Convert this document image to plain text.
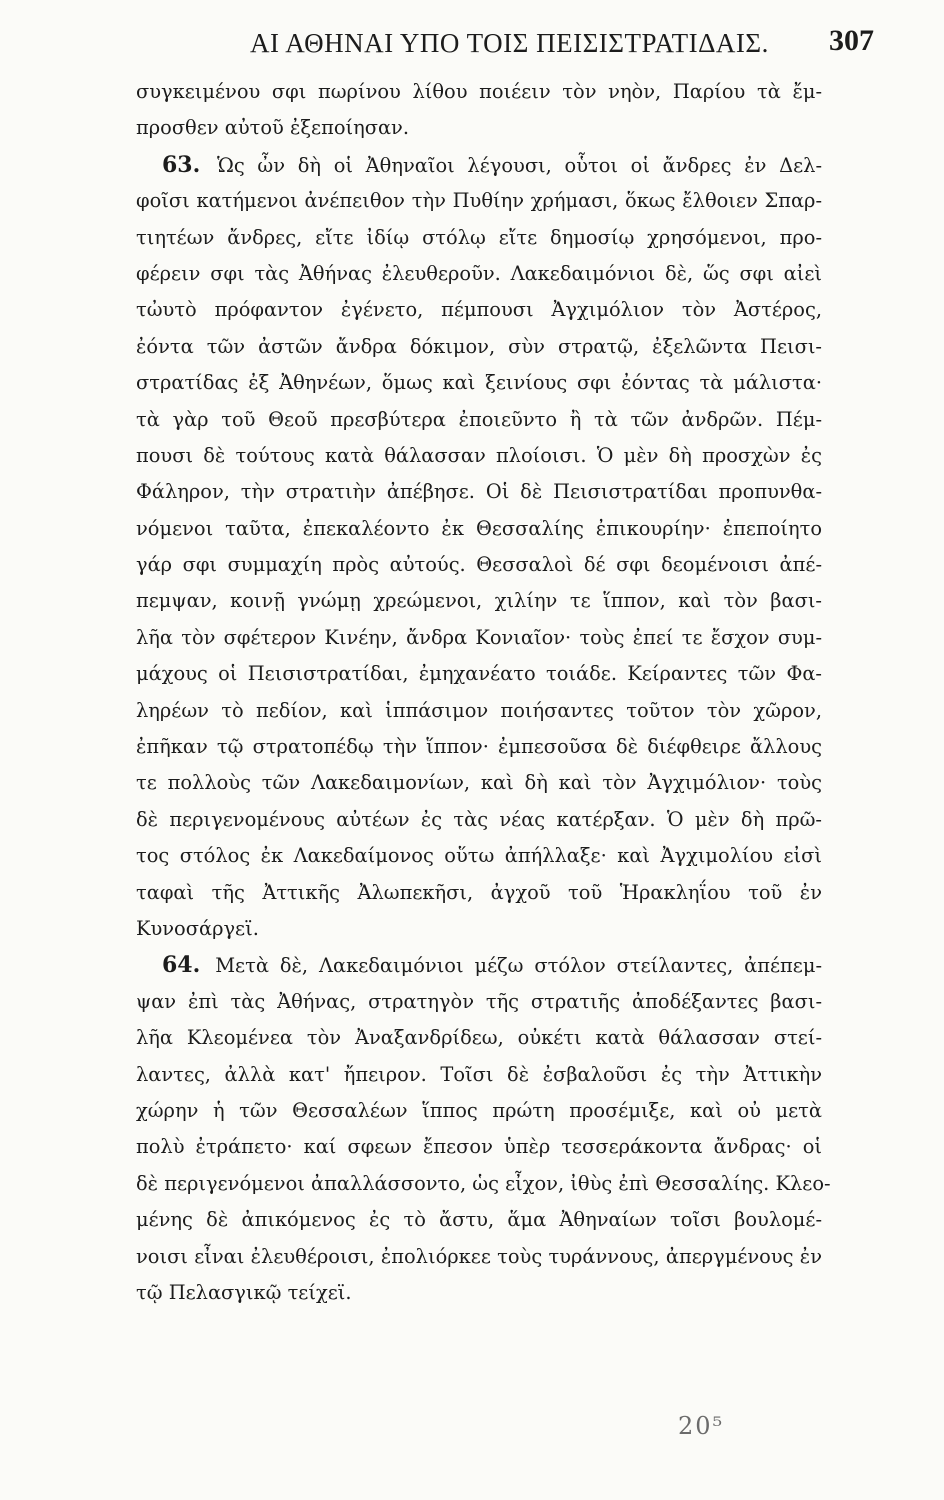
ΑΙ ΑΘΗΝΑΙ ΥΠΟ ΤΟΙΣ ΠΕΙΣΙΣΤΡΑΤΙΔΑΙΣ. 307
συγκειμένου σφι πωρίνου λίθου ποιέειν τὸν νηὸν, Παρίου τὰ ἔμ-
προσθεν αὐτοῦ ἐξεποίησαν.
63. Ὡς ὦν δὴ οἱ Ἀθηναῖοι λέγουσι, οὗτοι οἱ ἄνδρες ἐν Δελ-
φοῖσι κατήμενοι ἀνέπειθον τὴν Πυθίην χρήμασι, ὅκως ἔλθοιεν Σπαρ-
τιητέων ἄνδρες, εἴτε ἰδίῳ στόλῳ εἴτε δημοσίῳ χρησόμενοι, προ-
φέρειν σφι τὰς Ἀθήνας ἐλευθεροῦν. Λακεδαιμόνιοι δὲ, ὥς σφι αἰεὶ
τὠυτὸ πρόφαντον ἐγένετο, πέμπουσι Ἀγχιμόλιον τὸν Ἀστέρος,
ἐόντα τῶν ἀστῶν ἄνδρα δόκιμον, σὺν στρατῷ, ἐξελῶντα Πεισι-
στρατίδας ἐξ Ἀθηνέων, ὅμως καὶ ξεινίους σφι ἐόντας τὰ μάλιστα·
τὰ γὰρ τοῦ Θεοῦ πρεσβύτερα ἐποιεῦντο ἢ τὰ τῶν ἀνδρῶν. Πέμ-
πουσι δὲ τούτους κατὰ θάλασσαν πλοίοισι. Ὁ μὲν δὴ προσχὼν ἐς
Φάληρον, τὴν στρατιὴν ἀπέβησε. Οἱ δὲ Πεισιστρατίδαι προπυνθα-
νόμενοι ταῦτα, ἐπεκαλέοντο ἐκ Θεσσαλίης ἐπικουρίην· ἐπεποίητο
γάρ σφι συμμαχίη πρὸς αὐτούς. Θεσσαλοὶ δέ σφι δεομένοισι ἀπέ-
πεμψαν, κοινῇ γνώμῃ χρεώμενοι, χιλίην τε ἵππον, καὶ τὸν βασι-
λῆα τὸν σφέτερον Κινέην, ἄνδρα Κονιαῖον· τοὺς ἐπεί τε ἔσχον συμ-
μάχους οἱ Πεισιστρατίδαι, ἐμηχανέατο τοιάδε. Κείραντες τῶν Φα-
ληρέων τὸ πεδίον, καὶ ἱππάσιμον ποιήσαντες τοῦτον τὸν χῶρον,
ἐπῆκαν τῷ στρατοπέδῳ τὴν ἵππον· ἐμπεσοῦσα δὲ διέφθειρε ἄλλους
τε πολλοὺς τῶν Λακεδαιμονίων, καὶ δὴ καὶ τὸν Ἀγχιμόλιον· τοὺς
δὲ περιγενομένους αὐτέων ἐς τὰς νέας κατέρξαν. Ὁ μὲν δὴ πρῶ-
τος στόλος ἐκ Λακεδαίμονος οὕτω ἀπήλλαξε· καὶ Ἀγχιμολίου εἰσὶ
ταφαὶ τῆς Ἀττικῆς Ἀλωπεκῆσι, ἀγχοῦ τοῦ Ἡρακληΐου τοῦ ἐν
Κυνοσάργεϊ.
64. Μετὰ δὲ, Λακεδαιμόνιοι μέζω στόλον στείλαντες, ἀπέπεμ-
ψαν ἐπὶ τὰς Ἀθήνας, στρατηγὸν τῆς στρατιῆς ἀποδέξαντες βασι-
λῆα Κλεομένεα τὸν Ἀναξανδρίδεω, οὐκέτι κατὰ θάλασσαν στεί-
λαντες, ἀλλὰ κατ' ἤπειρον. Τοῖσι δὲ ἐσβαλοῦσι ἐς τὴν Ἀττικὴν
χώρην ἡ τῶν Θεσσαλέων ἵππος πρώτη προσέμιξε, καὶ οὐ μετὰ
πολὺ ἐτράπετο· καί σφεων ἔπεσον ὑπὲρ τεσσεράκοντα ἄνδρας· οἱ
δὲ περιγενόμενοι ἀπαλλάσσοντο, ὡς εἶχον, ἰθὺς ἐπὶ Θεσσαλίης. Κλεο-
μένης δὲ ἀπικόμενος ἐς τὸ ἄστυ, ἅμα Ἀθηναίων τοῖσι βουλομέ-
νοισι εἶναι ἐλευθέροισι, ἐπολιόρκεε τοὺς τυράννους, ἀπεργμένους ἐν
τῷ Πελασγικῷ τείχεϊ.
20⁵
